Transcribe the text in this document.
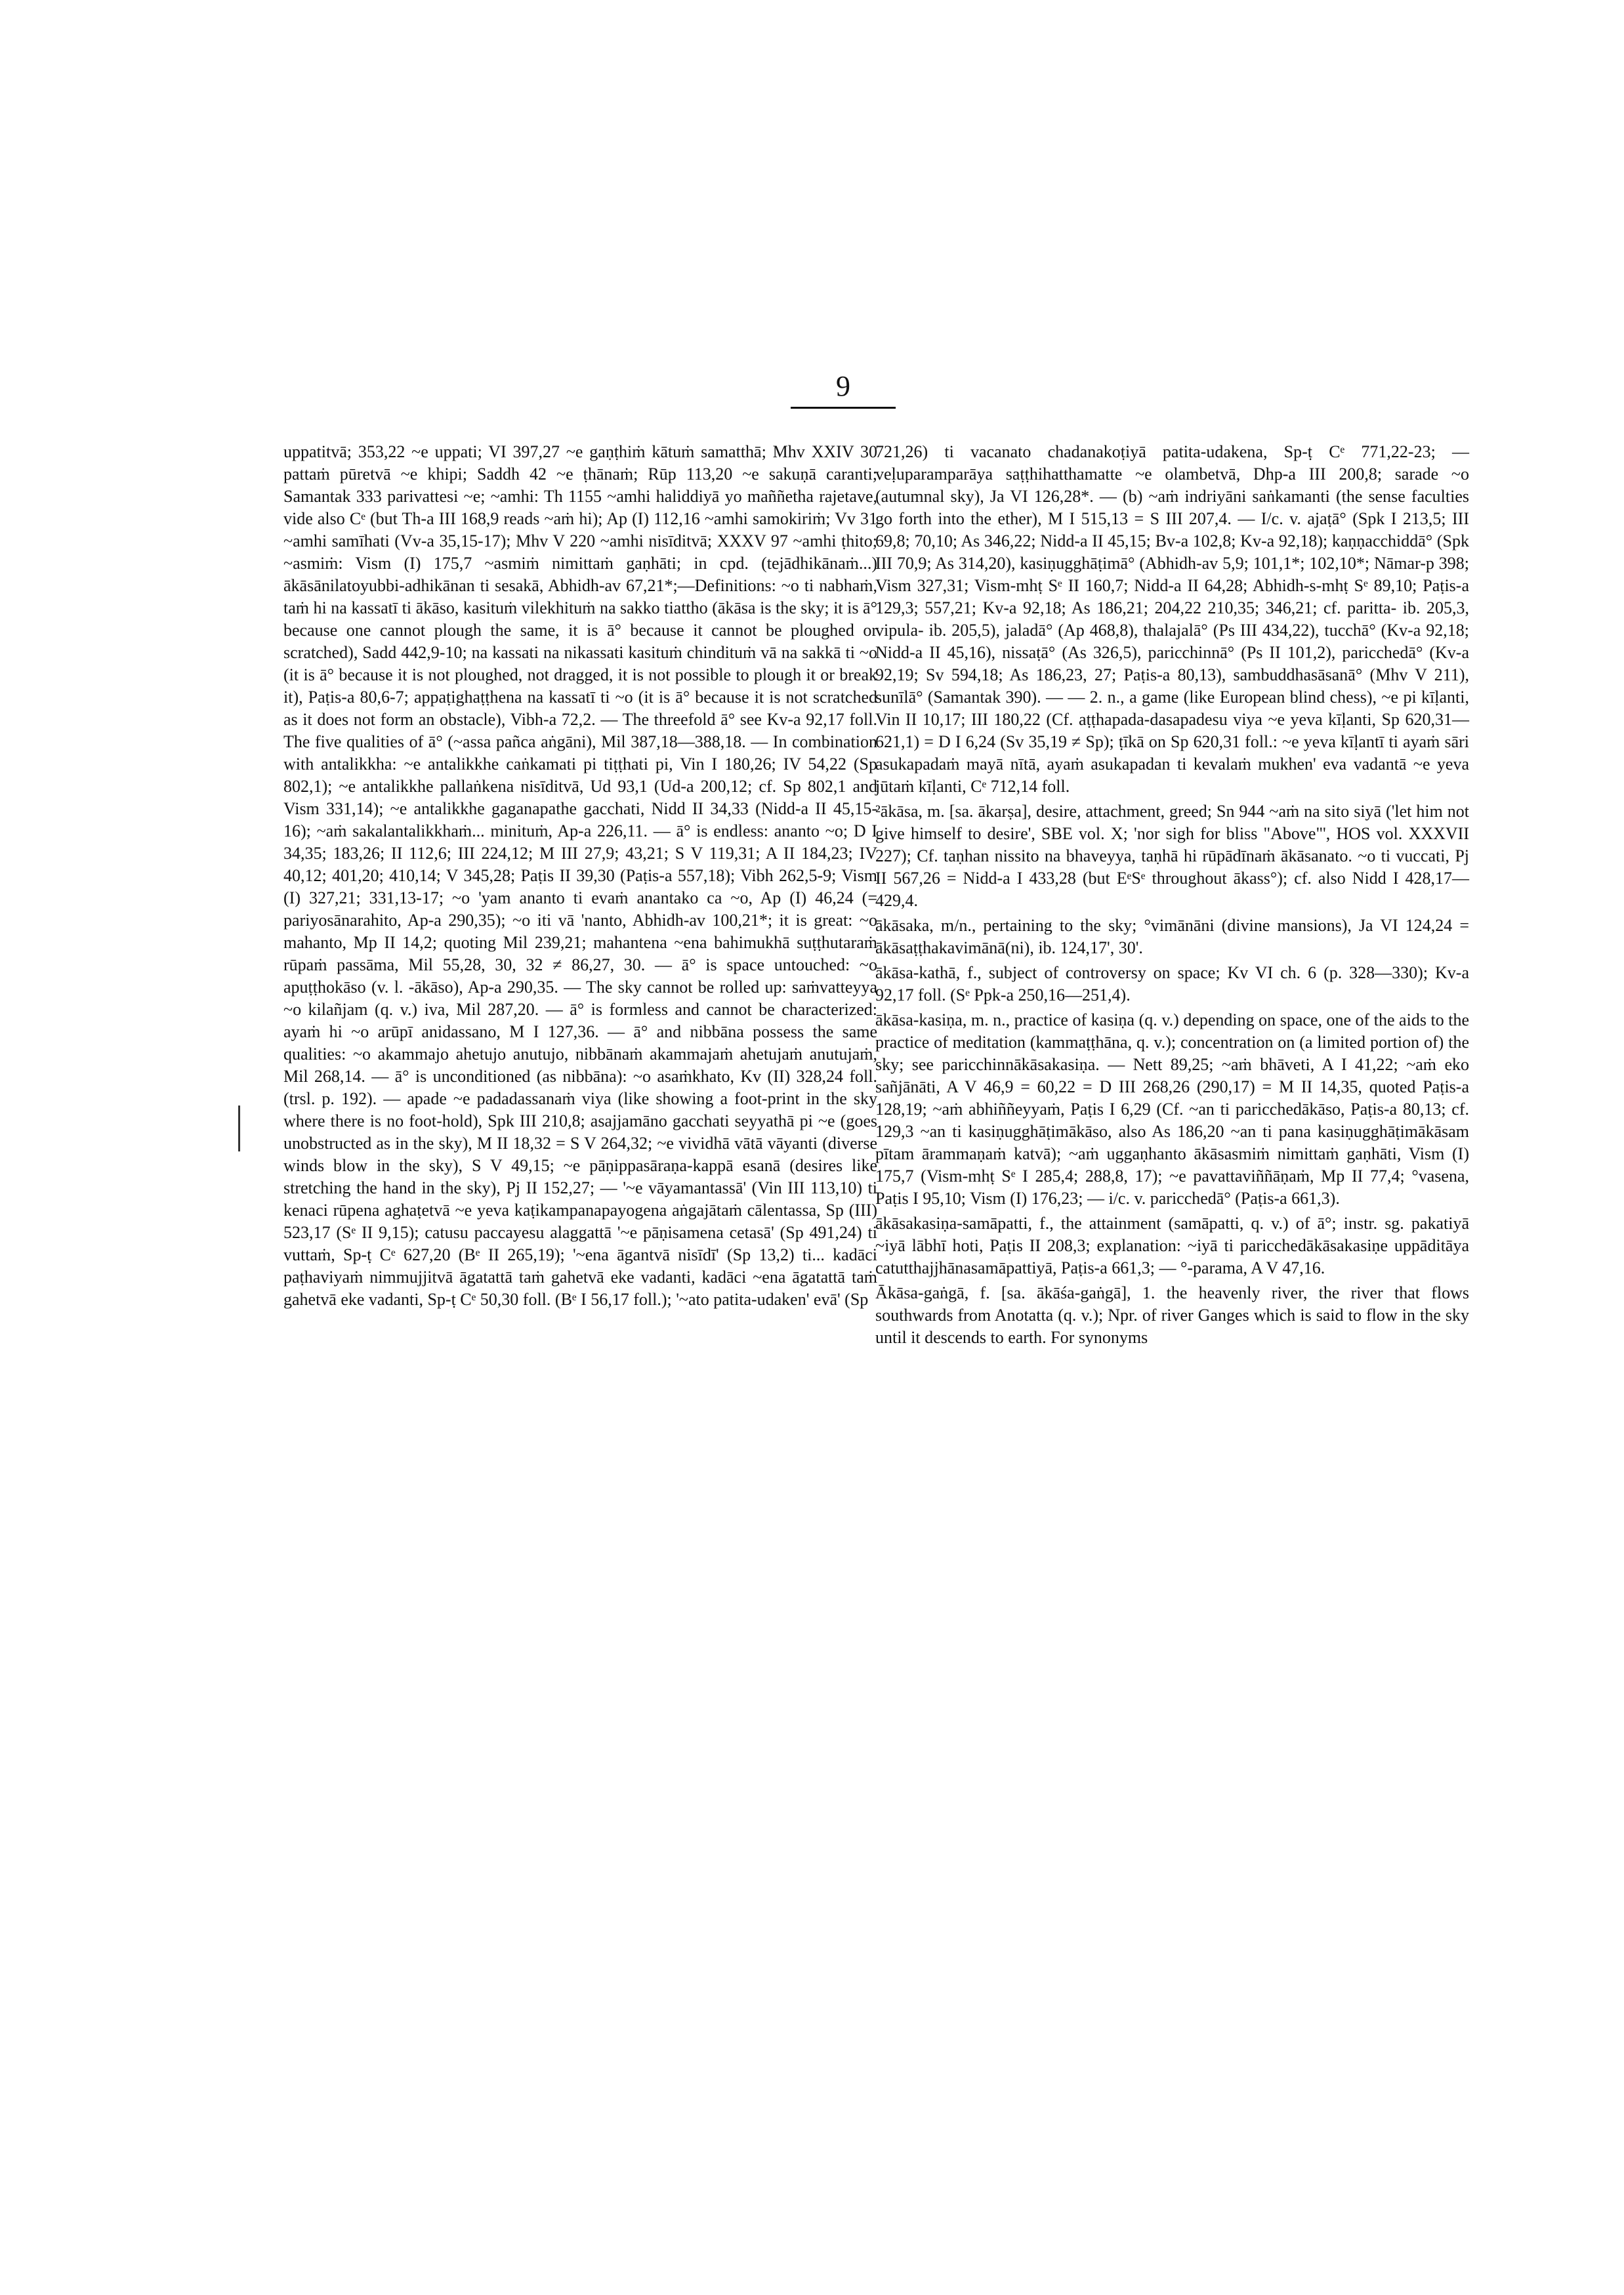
9

uppatitvā; 353,22 ~e uppati; VI 397,27 ~e gaṇṭhiṁ kātuṁ samatthā; Mhv XXIV 30 pattaṁ pūretvā ~e khipi; Saddh 42 ~e ṭhānaṁ; Rūp 113,20 ~e sakuṇā caranti; Samantak 333 parivattesi ~e; ~amhi: Th 1155 ~amhi haliddiyā yo maññetha rajetave, vide also Cᵉ (but Th-a III 168,9 reads ~aṁ hi); Ap (I) 112,16 ~amhi samokiriṁ; Vv 31 ~amhi samīhati (Vv-a 35,15-17); Mhv V 220 ~amhi nisīditvā; XXXV 97 ~amhi ṭhito; ~asmiṁ: Vism (I) 175,7 ~asmiṁ nimittaṁ gaṇhāti; in cpd. (tejādhikānaṁ...) ākāsānilatoyubbi-adhikānan ti sesakā, Abhidh-av 67,21*;—Definitions: ~o ti nabhaṁ, taṁ hi na kassatī ti ākāso, kasituṁ vilekhituṁ na sakko tiattho (ākāsa is the sky; it is ā° because one cannot plough the same, it is ā° because it cannot be ploughed or scratched), Sadd 442,9-10; na kassati na nikassati kasituṁ chindituṁ vā na sakkā ti ~o (it is ā° because it is not ploughed, not dragged, it is not possible to plough it or break it), Paṭis-a 80,6-7; appaṭighaṭṭhena na kassatī ti ~o (it is ā° because it is not scratched as it does not form an obstacle), Vibh-a 72,2. — The threefold ā° see Kv-a 92,17 foll. The five qualities of ā° (~assa pañca aṅgāni), Mil 387,18—388,18. — In combination with antalikkha: ~e antalikkhe caṅkamati pi tiṭṭhati pi, Vin I 180,26; IV 54,22 (Sp 802,1); ~e antalikkhe pallaṅkena nisīditvā, Ud 93,1 (Ud-a 200,12; cf. Sp 802,1 and Vism 331,14); ~e antalikkhe gaganapathe gacchati, Nidd II 34,33 (Nidd-a II 45,15-16); ~aṁ sakalantalikkhaṁ... minituṁ, Ap-a 226,11. — ā° is endless: ananto ~o; D I 34,35; 183,26; II 112,6; III 224,12; M III 27,9; 43,21; S V 119,31; A II 184,23; IV 40,12; 401,20; 410,14; V 345,28; Paṭis II 39,30 (Paṭis-a 557,18); Vibh 262,5-9; Vism (I) 327,21; 331,13-17; ~o 'yam ananto ti evaṁ anantako ca ~o, Ap (I) 46,24 (= pariyosānarahito, Ap-a 290,35); ~o iti vā 'nanto, Abhidh-av 100,21*; it is great: ~o mahanto, Mp II 14,2; quoting Mil 239,21; mahantena ~ena bahimukhā suṭṭhutaraṁ rūpaṁ passāma, Mil 55,28, 30, 32 ≠ 86,27, 30. — ā° is space untouched: ~o apuṭṭhokāso (v. l. -ākāso), Ap-a 290,35. — The sky cannot be rolled up: saṁvatteyya ~o kilañjam (q. v.) iva, Mil 287,20. — ā° is formless and cannot be characterized: ayaṁ hi ~o arūpī anidassano, M I 127,36. — ā° and nibbāna possess the same qualities: ~o akammajo ahetujo anutujo, nibbānaṁ akammajaṁ ahetujaṁ anutujaṁ, Mil 268,14. — ā° is unconditioned (as nibbāna): ~o asaṁkhato, Kv (II) 328,24 foll. (trsl. p. 192). — apade ~e padadassanaṁ viya (like showing a foot-print in the sky where there is no foot-hold), Spk III 210,8; asajjamāno gacchati seyyathā pi ~e (goes unobstructed as in the sky), M II 18,32 = S V 264,32; ~e vividhā vātā vāyanti (diverse winds blow in the sky), S V 49,15; ~e pāṇippasāraṇa-kappā esanā (desires like stretching the hand in the sky), Pj II 152,27; — '~e vāyamantassā' (Vin III 113,10) ti kenaci rūpena aghaṭetvā ~e yeva kaṭikampanapayogena aṅgajātaṁ cālentassa, Sp (III) 523,17 (Sᵉ II 9,15); catusu paccayesu alaggattā '~e pāṇisamena cetasā' (Sp 491,24) ti vuttaṁ, Sp-ṭ Cᵉ 627,20 (Bᵉ II 265,19); '~ena āgantvā nisīdī' (Sp 13,2) ti... kadāci paṭhaviyaṁ nimmujjitvā āgatattā taṁ gahetvā eke vadanti, kadāci ~ena āgatattā taṁ gahetvā eke vadanti, Sp-ṭ Cᵉ 50,30 foll. (Bᵉ I 56,17 foll.); '~ato patita-udaken' evā' (Sp

721,26) ti vacanato chadanakoṭiyā patita-udakena, Sp-ṭ Cᵉ 771,22-23; — veḷuparamparāya saṭṭhihatthamatte ~e olambetvā, Dhp-a III 200,8; sarade ~o (autumnal sky), Ja VI 126,28*. — (b) ~aṁ indriyāni saṅkamanti (the sense faculties go forth into the ether), M I 515,13 = S III 207,4. — I/c. v. ajaṭā° (Spk I 213,5; III 69,8; 70,10; As 346,22; Nidd-a II 45,15; Bv-a 102,8; Kv-a 92,18); kaṇṇacchiddā° (Spk III 70,9; As 314,20), kasiṇugghāṭimā° (Abhidh-av 5,9; 101,1*; 102,10*; Nāmar-p 398; Vism 327,31; Vism-mhṭ Sᵉ II 160,7; Nidd-a II 64,28; Abhidh-s-mhṭ Sᵉ 89,10; Paṭis-a 129,3; 557,21; Kv-a 92,18; As 186,21; 204,22 210,35; 346,21; cf. paritta- ib. 205,3, vipula- ib. 205,5), jaladā° (Ap 468,8), thalajalā° (Ps III 434,22), tucchā° (Kv-a 92,18; Nidd-a II 45,16), nissaṭā° (As 326,5), paricchinnā° (Ps II 101,2), paricchedā° (Kv-a 92,19; Sv 594,18; As 186,23, 27; Paṭis-a 80,13), sambuddhasāsanā° (Mhv V 211), sunīlā° (Samantak 390). — — 2. n., a game (like European blind chess), ~e pi kīḷanti, Vin II 10,17; III 180,22 (Cf. aṭṭhapada-dasapadesu viya ~e yeva kīḷanti, Sp 620,31—621,1) = D I 6,24 (Sv 35,19 ≠ Sp); ṭīkā on Sp 620,31 foll.: ~e yeva kīḷantī ti ayaṁ sāri asukapadaṁ mayā nītā, ayaṁ asukapadan ti kevalaṁ mukhen' eva vadantā ~e yeva jūtaṁ kīḷanti, Cᵉ 712,14 foll.

²ākāsa, m. [sa. ākarṣa], desire, attachment, greed; Sn 944 ~aṁ na sito siyā ('let him not give himself to desire', SBE vol. X; 'nor sigh for bliss "Above"', HOS vol. XXXVII 227); Cf. taṇhan nissito na bhaveyya, taṇhā hi rūpādīnaṁ ākāsanato. ~o ti vuccati, Pj II 567,26 = Nidd-a I 433,28 (but EᵉSᵉ throughout ākass°); cf. also Nidd I 428,17—429,4.

ākāsaka, m/n., pertaining to the sky; °vimānāni (divine mansions), Ja VI 124,24 = ākāsaṭṭhakavimānā(ni), ib. 124,17', 30'.

ākāsa-kathā, f., subject of controversy on space; Kv VI ch. 6 (p. 328—330); Kv-a 92,17 foll. (Sᵉ Ppk-a 250,16—251,4).

ākāsa-kasiṇa, m. n., practice of kasiṇa (q. v.) depending on space, one of the aids to the practice of meditation (kammaṭṭhāna, q. v.); concentration on (a limited portion of) the sky; see paricchinnākāsakasiṇa. — Nett 89,25; ~aṁ bhāveti, A I 41,22; ~aṁ eko sañjānāti, A V 46,9 = 60,22 = D III 268,26 (290,17) = M II 14,35, quoted Paṭis-a 128,19; ~aṁ abhiññeyyaṁ, Paṭis I 6,29 (Cf. ~an ti paricchedākāso, Paṭis-a 80,13; cf. 129,3 ~an ti kasiṇugghāṭimākāso, also As 186,20 ~an ti pana kasiṇugghāṭimākāsam pītam ārammaṇaṁ katvā); ~aṁ uggaṇhanto ākāsasmiṁ nimittaṁ gaṇhāti, Vism (I) 175,7 (Vism-mhṭ Sᵉ I 285,4; 288,8, 17); ~e pavattaviññāṇaṁ, Mp II 77,4; °vasena, Paṭis I 95,10; Vism (I) 176,23; — i/c. v. paricchedā° (Paṭis-a 661,3).

ākāsakasiṇa-samāpatti, f., the attainment (samāpatti, q. v.) of ā°; instr. sg. pakatiyā ~iyā lābhī hoti, Paṭis II 208,3; explanation: ~iyā ti paricchedākāsakasiṇe uppāditāya catutthajjhānasamāpattiyā, Paṭis-a 661,3; — °-parama, A V 47,16.

Ākāsa-gaṅgā, f. [sa. ākāśa-gaṅgā], 1. the heavenly river, the river that flows southwards from Anotatta (q. v.); Npr. of river Ganges which is said to flow in the sky until it descends to earth. For synonyms
